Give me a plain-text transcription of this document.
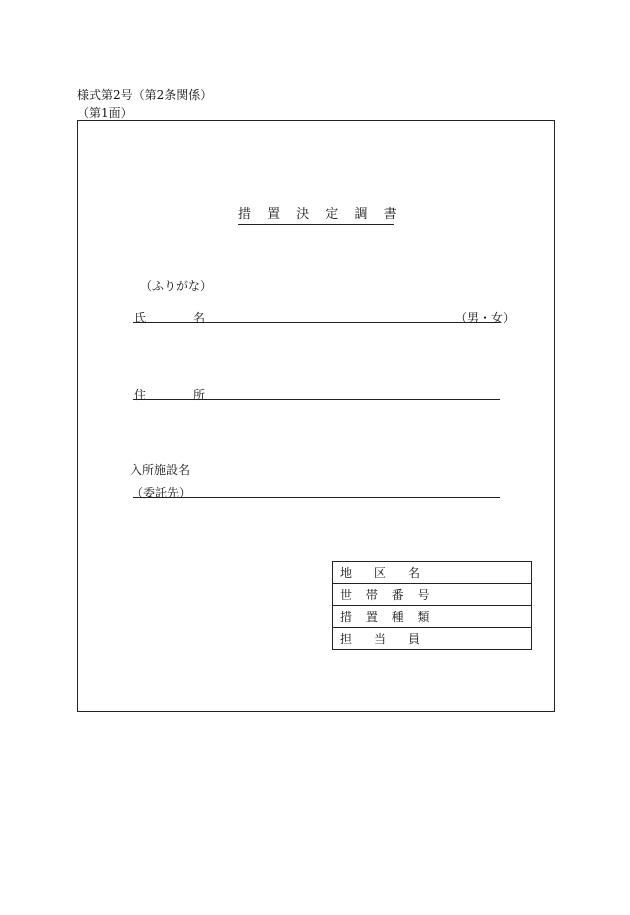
様式第2号（第2条関係）
（第1面）
措 置 決 定 調 書
（ふりがな）
氏	名	（男・女）
住	所
入所施設名
（委託先）
地　区　名
世 帯 番 号
措 置 種 類
担　当　員
